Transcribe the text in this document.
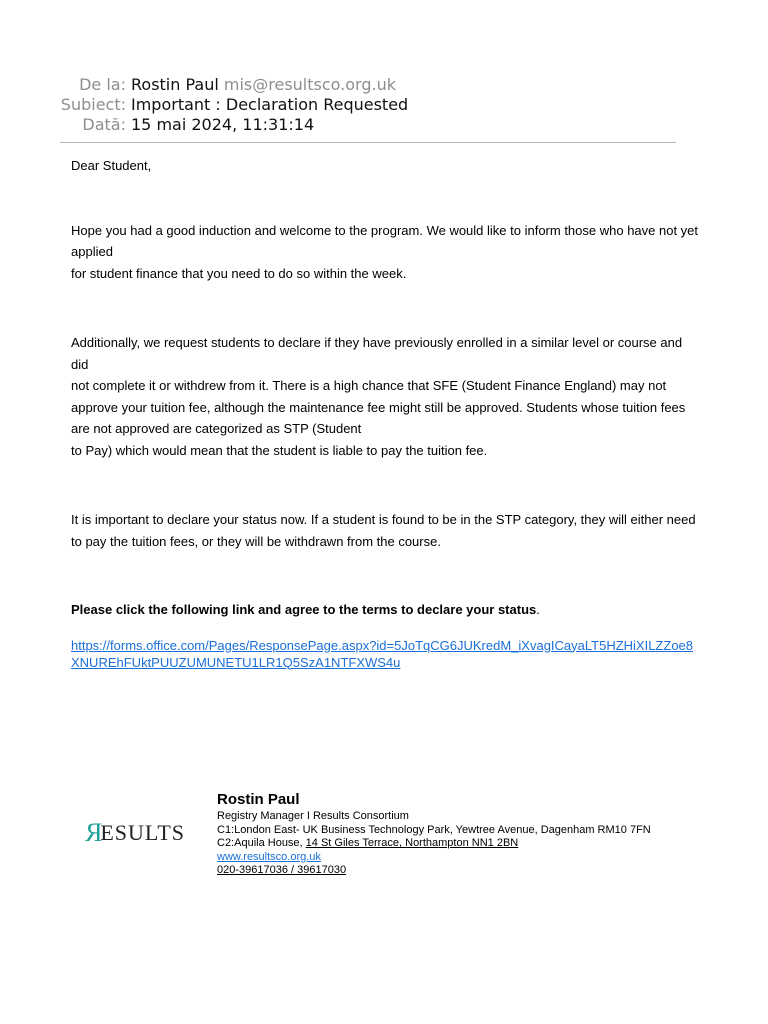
De la: Rostin Paul mis@resultsco.org.uk
Subiect: Important : Declaration Requested
Dată: 15 mai 2024, 11:31:14

Dear Student,

Hope you had a good induction and welcome to the program. We would like to inform those who have not yet applied
for student finance that you need to do so within the week.

Additionally, we request students to declare if they have previously enrolled in a similar level or course and did
not complete it or withdrew from it. There is a high chance that SFE (Student Finance England) may not approve your tuition fee, although the maintenance fee might still be approved. Students whose tuition fees are not approved are categorized as STP (Student
to Pay) which would mean that the student is liable to pay the tuition fee.

It is important to declare your status now. If a student is found to be in the STP category, they will either need
to pay the tuition fees, or they will be withdrawn from the course.

Please click the following link and agree to the terms to declare your status.

https://forms.office.com/Pages/ResponsePage.aspx?id=5JoTqCG6JUKredM_iXvagICayaLT5HZHiXILZZoe8XNUREhFUktPUUZUMUNETU1LR1Q5SzA1NTFXWS4u
R
ESULTS
Rostin Paul
Registry Manager I Results Consortium
C1:London East- UK Business Technology Park, Yewtree Avenue, Dagenham RM10 7FN
C2:Aquila House, 14 St Giles Terrace, Northampton NN1 2BN
www.resultsco.org.uk
020-39617036 / 39617030
